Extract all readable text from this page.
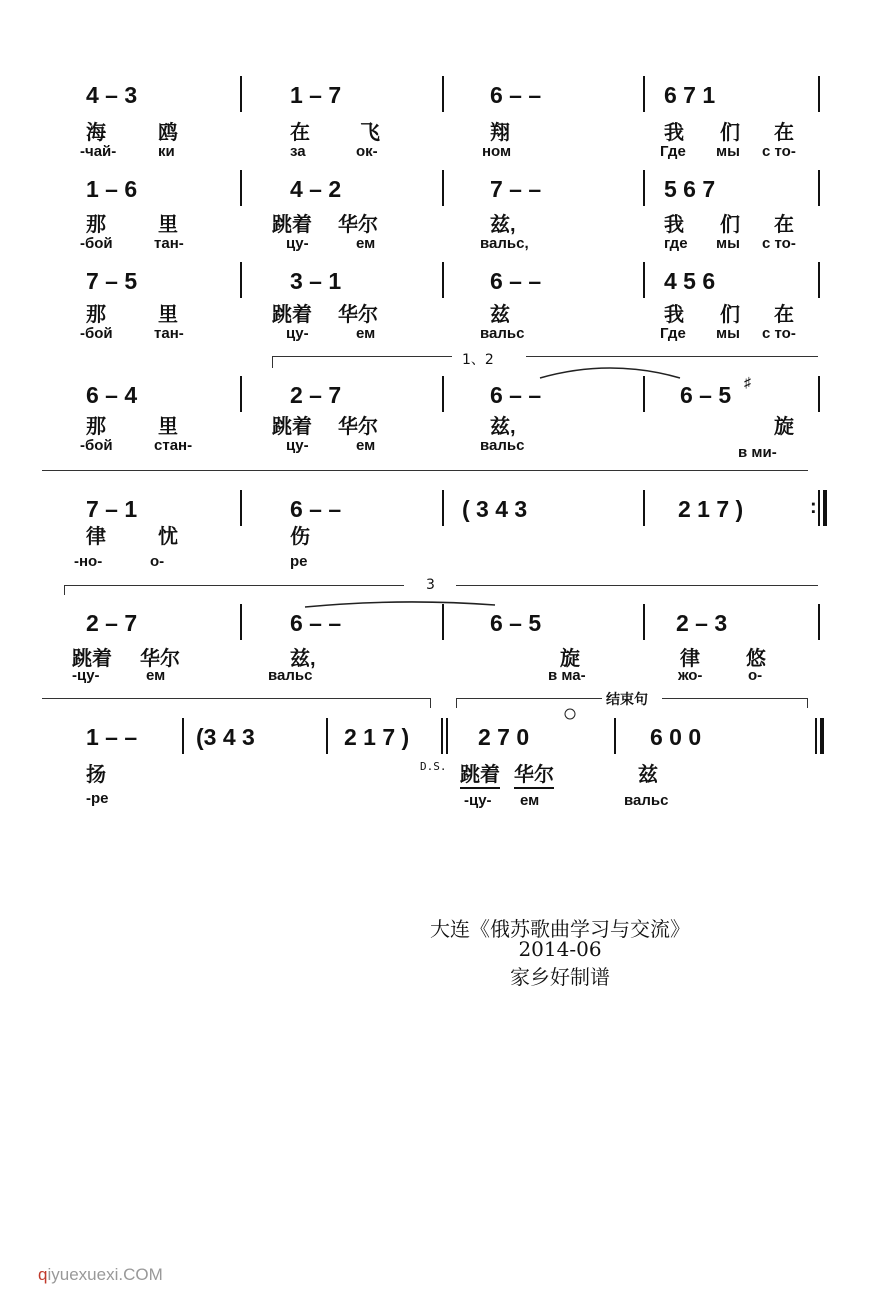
4 – 3	1 – 7	6 – –	6 7 1
海	鸥	在	飞	翔	我 们 在
-чай-	ки	за	ок-	ном	Где мы с то-
1 – 6	4 – 2	7 – –	5 6 7
那	里	跳着 华尔	兹,	我 们 在
-бой	тан-	цу-	ем	вальс,	где мы с то-
7 – 5	3 – 1	6 – –	4 5 6
那	里	跳着 华尔	兹	我 们 在
-бой	тан-	цу-	ем	вальс	Где мы с то-
1、2
6 – 4	2 – 7	6 – –	6 – 5 ♯
那	里	跳着 华尔	兹,	旋
-бой	стан-	цу-	ем	вальс	в ми-
7 – 1	6 – –	( 3 4 3	2 1 7 )	:
律	忧	伤
-но-	о-	ре
3
2 – 7	6 – –	6 – 5	2 – 3
跳着 华尔	兹,	旋	律 悠
-цу-	ем	вальс	в ма-	жо-	о-
结束句
1 – –	(3 4 3	2 1 7 )	2 7 0	6 0 0
扬	D.S. 跳着 华尔	兹
-ре	-цу- ем	вальс
大连《俄苏歌曲学习与交流》
2014-06
家乡好制谱
qiyuexuexi.COM
